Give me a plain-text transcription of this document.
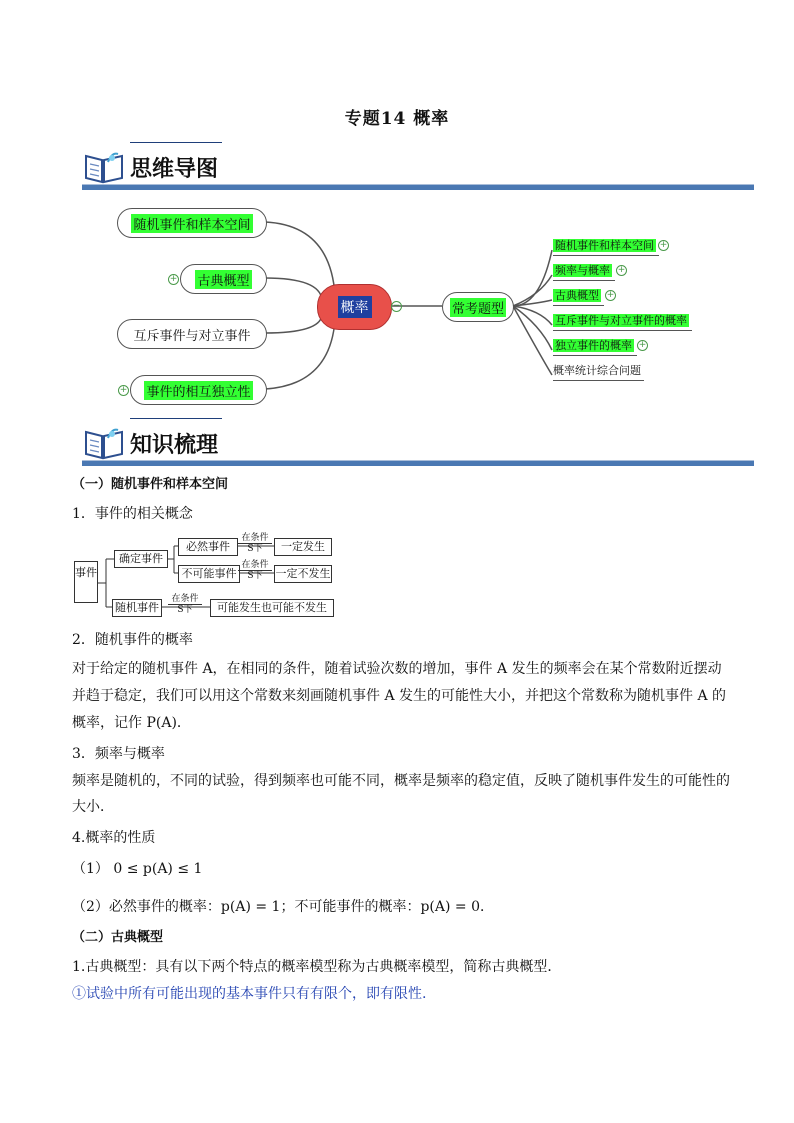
专题14 概率
思维导图
随机事件和样本空间
古典概型
+
互斥事件与对立事件
事件的相互独立性
+
概率	−	常考题型
随机事件和样本空间 +
频率与概率 +
古典概型 +
互斥事件与对立事件的概率
独立事件的概率 +
概率统计综合问题
知识梳理
（一）随机事件和样本空间
1．事件的相关概念
事件
确定事件
必然事件
不可能事件
随机事件
在条件
S下
在条件
S下
在条件
S下
一定发生
一定不发生
可能发生也可能不发生
2．随机事件的概率
对于给定的随机事件 A，在相同的条件，随着试验次数的增加，事件 A 发生的频率会在某个常数附近摆动并趋于稳定，我们可以用这个常数来刻画随机事件 A 发生的可能性大小，并把这个常数称为随机事件 A 的概率，记作 P(A)．
3．频率与概率
频率是随机的，不同的试验，得到频率也可能不同，概率是频率的稳定值，反映了随机事件发生的可能性的大小．
4.概率的性质
（1） 0 ≤ p(A) ≤ 1
（2）必然事件的概率：p(A) = 1；不可能事件的概率：p(A) = 0．
（二）古典概型
1.古典概型：具有以下两个特点的概率模型称为古典概率模型，简称古典概型．
①试验中所有可能出现的基本事件只有有限个，即有限性.
